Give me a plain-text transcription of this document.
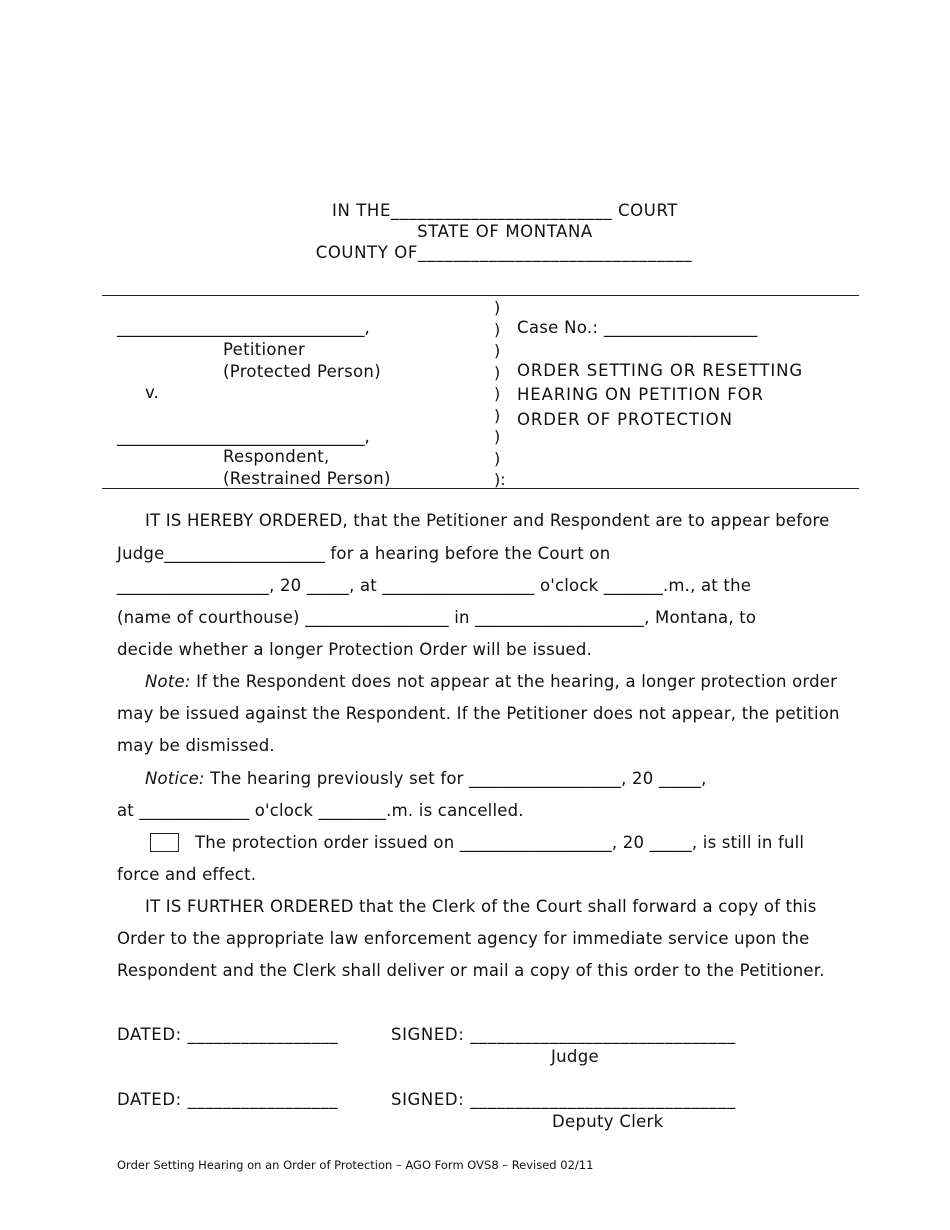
IN THE_________________________ COURT
STATE OF MONTANA
COUNTY OF_______________________________
______________________________,
Petitioner
(Protected Person)
v.
______________________________,
Respondent,
(Restrained Person)
)
)
)
)
)
)
)
)
):
Case No.: __________________
ORDER SETTING OR RESETTING
HEARING ON PETITION FOR
ORDER OF PROTECTION
IT IS HEREBY ORDERED, that the Petitioner and Respondent are to appear before
Judge___________________ for a hearing before the Court on
__________________, 20 _____, at __________________ o'clock _______.m., at the
(name of courthouse) _________________ in ____________________, Montana, to
decide whether a longer Protection Order will be issued.
Note: If the Respondent does not appear at the hearing, a longer protection order
may be issued against the Respondent. If the Petitioner does not appear, the petition
may be dismissed.
Notice: The hearing previously set for __________________, 20 _____,
at _____________ o'clock ________.m. is cancelled.
The protection order issued on __________________, 20 _____, is still in full
force and effect.
IT IS FURTHER ORDERED that the Clerk of the Court shall forward a copy of this
Order to the appropriate law enforcement agency for immediate service upon the
Respondent and the Clerk shall deliver or mail a copy of this order to the Petitioner.
DATED: _________________	SIGNED: ______________________________
Judge
DATED: _________________	SIGNED: ______________________________
Deputy Clerk
Order Setting Hearing on an Order of Protection – AGO Form OVS8 – Revised 02/11
